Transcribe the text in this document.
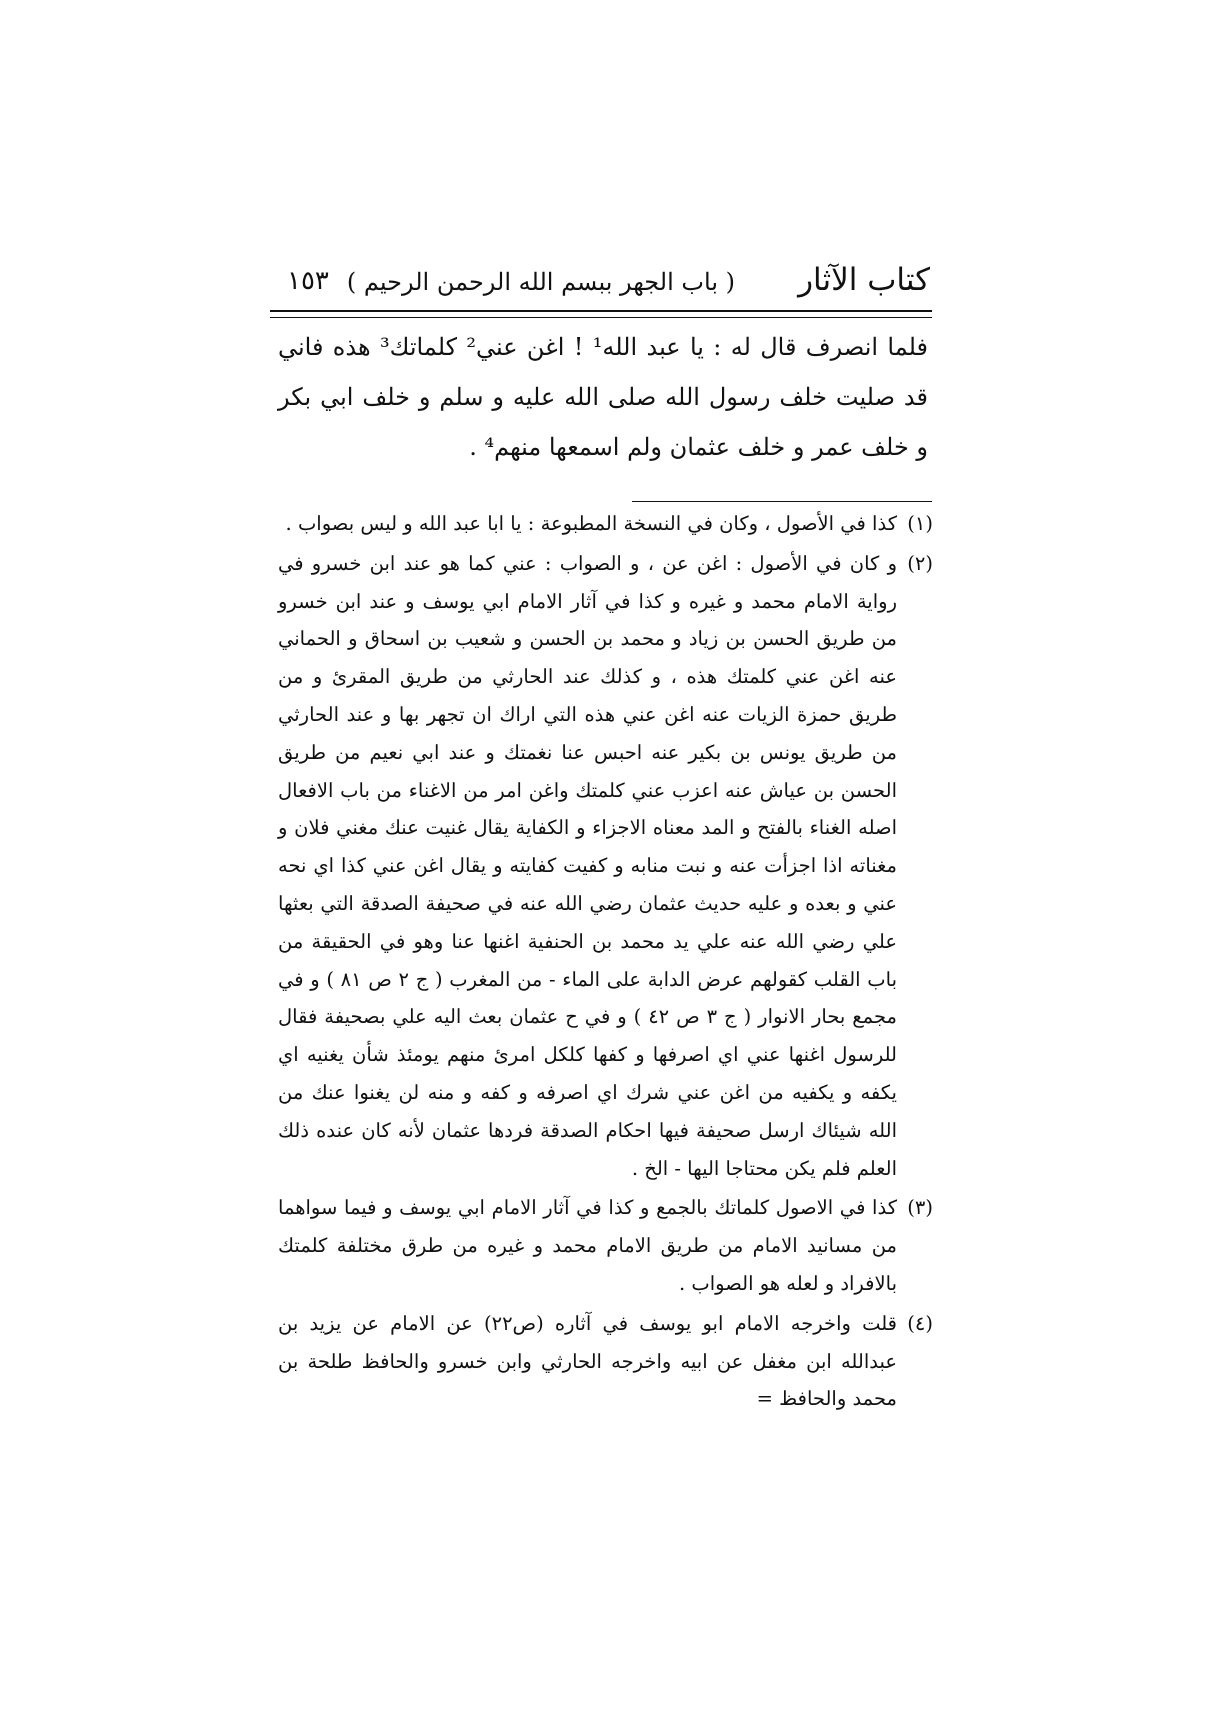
كتاب الآثار
( باب الجهر ببسم الله الرحمن الرحيم )
١٥٣
فلما انصرف قال له : يا عبد الله¹ ! اغن عني² كلماتك³ هذه فاني قد صليت خلف رسول الله صلى الله عليه و سلم و خلف ابي بكر و خلف عمر و خلف عثمان ولم اسمعها منهم⁴ .
(١)
كذا في الأصول ، وكان في النسخة المطبوعة : يا ابا عبد الله و ليس بصواب .
(٢)
و كان في الأصول : اغن عن ، و الصواب : عني كما هو عند ابن خسرو في رواية الامام محمد و غيره و كذا في آثار الامام ابي يوسف و عند ابن خسرو من طريق الحسن بن زياد و محمد بن الحسن و شعيب بن اسحاق و الحماني عنه اغن عني كلمتك هذه ، و كذلك عند الحارثي من طريق المقرئ و من طريق حمزة الزيات عنه اغن عني هذه التي اراك ان تجهر بها و عند الحارثي من طريق يونس بن بكير عنه احبس عنا نغمتك و عند ابي نعيم من طريق الحسن بن عياش عنه اعزب عني كلمتك واغن امر من الاغناء من باب الافعال اصله الغناء بالفتح و المد معناه الاجزاء و الكفاية يقال غنيت عنك مغني فلان و مغناته اذا اجزأت عنه و نبت منابه و كفيت كفايته و يقال اغن عني كذا اي نحه عني و بعده و عليه حديث عثمان رضي الله عنه في صحيفة الصدقة التي بعثها علي رضي الله عنه علي يد محمد بن الحنفية اغنها عنا وهو في الحقيقة من باب القلب كقولهم عرض الدابة على الماء - من المغرب ( ج ٢ ص ٨١ ) و في مجمع بحار الانوار ( ج ٣ ص ٤٢ ) و في ح عثمان بعث اليه علي بصحيفة فقال للرسول اغنها عني اي اصرفها و كفها كلكل امرئ منهم يومئذ شأن يغنيه اي يكفه و يكفيه من اغن عني شرك اي اصرفه و كفه و منه لن يغنوا عنك من الله شيئاك ارسل صحيفة فيها احكام الصدقة فردها عثمان لأنه كان عنده ذلك العلم فلم يكن محتاجا اليها - الخ .
(٣)
كذا في الاصول كلماتك بالجمع و كذا في آثار الامام ابي يوسف و فيما سواهما من مسانيد الامام من طريق الامام محمد و غيره من طرق مختلفة كلمتك بالافراد و لعله هو الصواب .
(٤)
قلت واخرجه الامام ابو يوسف في آثاره (ص٢٢) عن الامام عن يزيد بن عبدالله ابن مغفل عن ابيه واخرجه الحارثي وابن خسرو والحافظ طلحة بن محمد والحافظ =
